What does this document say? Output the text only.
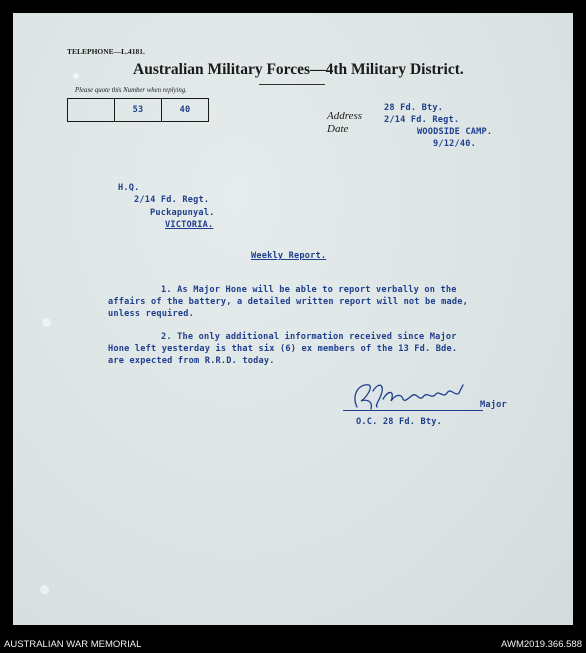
TELEPHONE—L.4181.
Australian Military Forces—4th Military District.
Please quote this Number when replying.
53	40	Address
Date
28 Fd. Bty.
2/14 Fd. Regt.
WOODSIDE CAMP.
9/12/40.
H.Q.
2/14 Fd. Regt.
Puckapunyal.
VICTORIA.
Weekly Report.
1. As Major Hone will be able to report verbally on the
affairs of the battery, a detailed written report will not be made,
unless required.
2. The only additional information received since Major
Hone left yesterday is that six (6) ex members of the 13 Fd. Bde.
are expected from R.R.D. today.
Major
O.C. 28 Fd. Bty.
AUSTRALIAN WAR MEMORIAL	AWM2019.366.588
